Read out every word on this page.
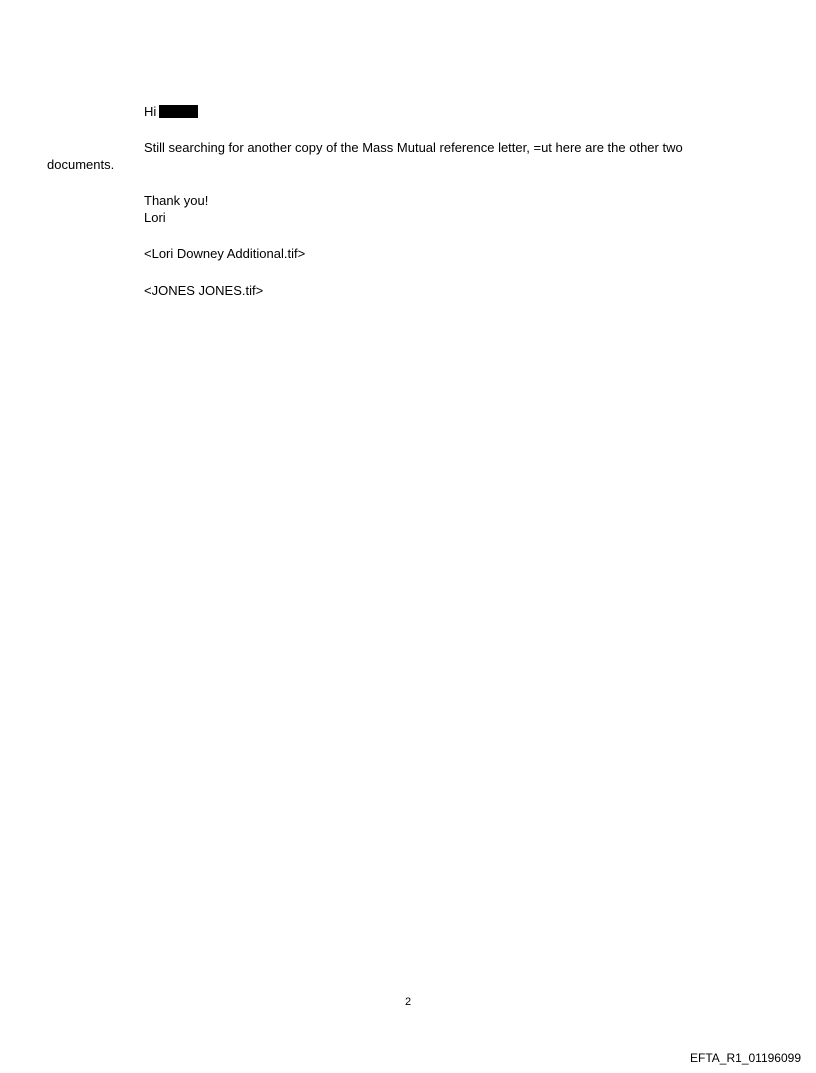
Hi
Still searching for another copy of the Mass Mutual reference letter, =ut here are the other two
documents.
Thank you!
Lori
<Lori Downey Additional.tif>
<JONES JONES.tif>
2
EFTA_R1_01196099
